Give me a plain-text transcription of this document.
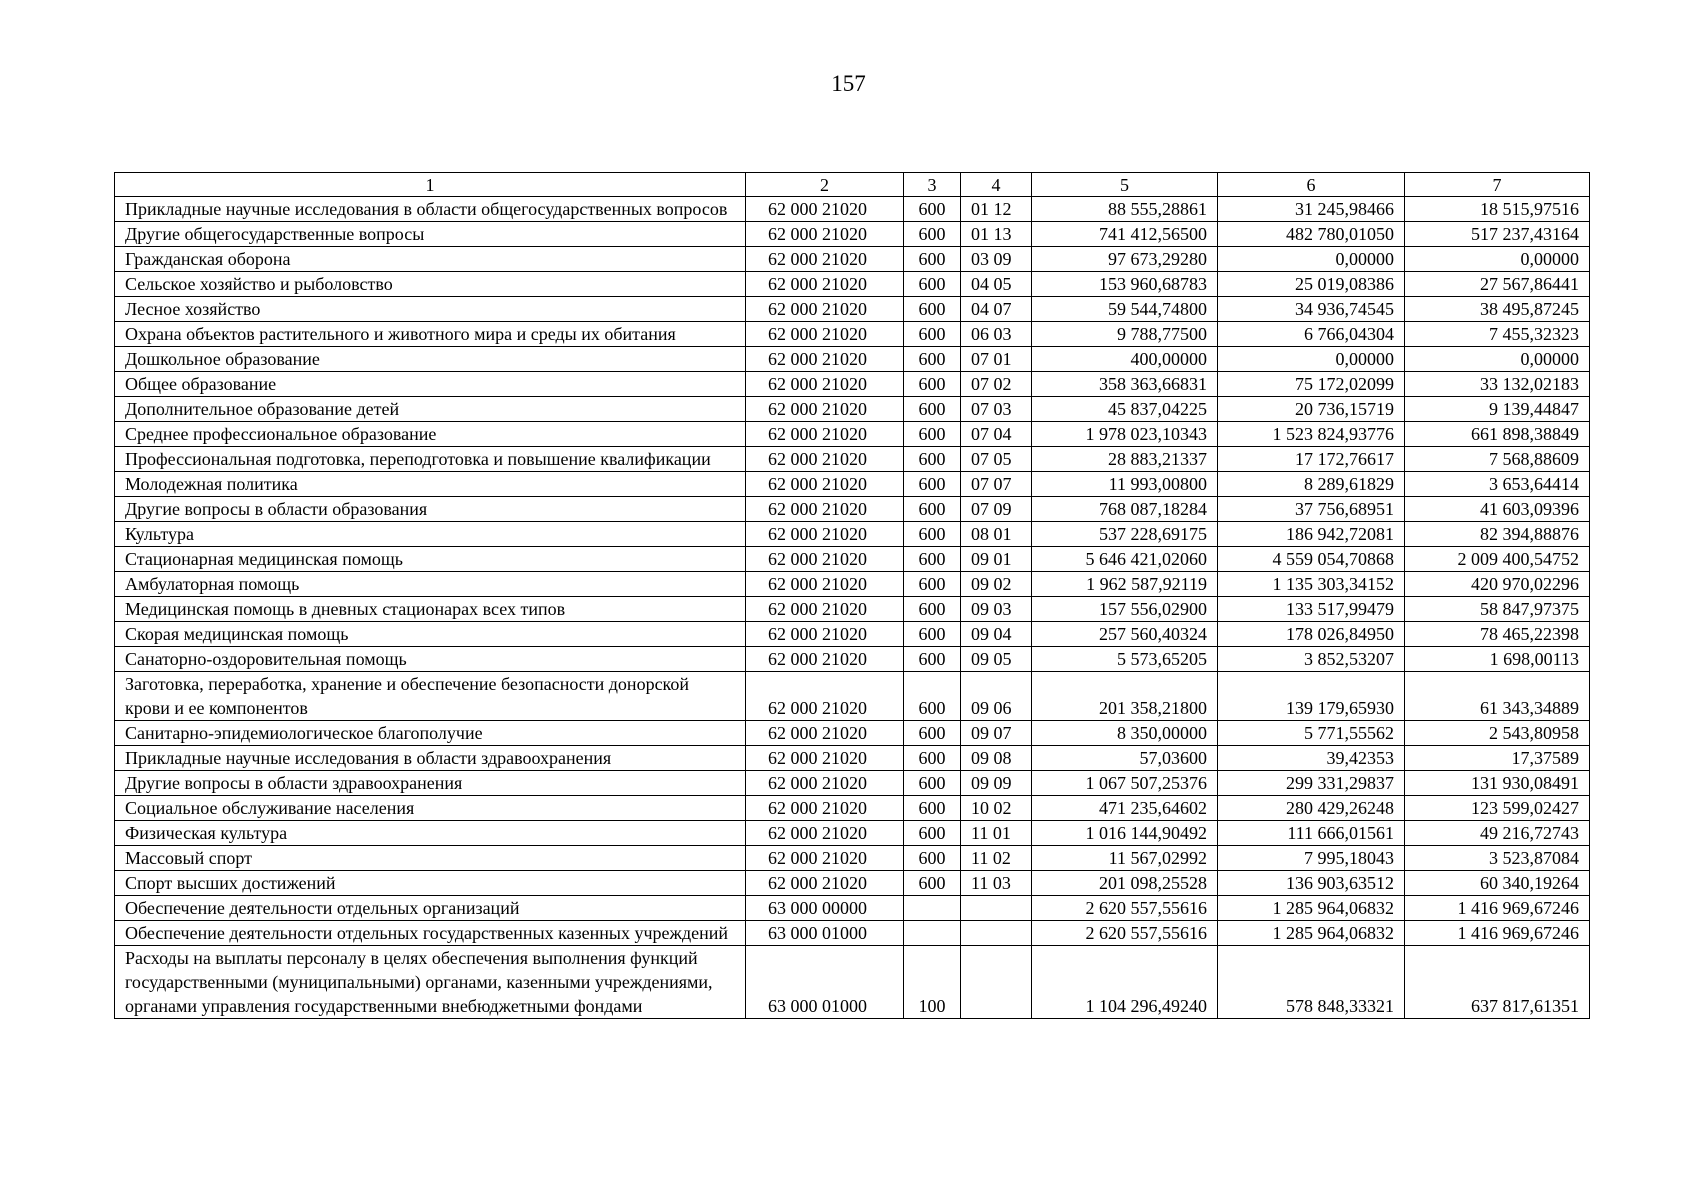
157
1	2	3	4	5	6	7
Прикладные научные исследования в области общегосударственных вопросов	62 000 21020	600	01 12	88 555,28861	31 245,98466	18 515,97516
Другие общегосударственные вопросы	62 000 21020	600	01 13	741 412,56500	482 780,01050	517 237,43164
Гражданская оборона	62 000 21020	600	03 09	97 673,29280	0,00000	0,00000
Сельское хозяйство и рыболовство	62 000 21020	600	04 05	153 960,68783	25 019,08386	27 567,86441
Лесное хозяйство	62 000 21020	600	04 07	59 544,74800	34 936,74545	38 495,87245
Охрана объектов растительного и животного мира и среды их обитания	62 000 21020	600	06 03	9 788,77500	6 766,04304	7 455,32323
Дошкольное образование	62 000 21020	600	07 01	400,00000	0,00000	0,00000
Общее образование	62 000 21020	600	07 02	358 363,66831	75 172,02099	33 132,02183
Дополнительное образование детей	62 000 21020	600	07 03	45 837,04225	20 736,15719	9 139,44847
Среднее профессиональное образование	62 000 21020	600	07 04	1 978 023,10343	1 523 824,93776	661 898,38849
Профессиональная подготовка, переподготовка и повышение квалификации	62 000 21020	600	07 05	28 883,21337	17 172,76617	7 568,88609
Молодежная политика	62 000 21020	600	07 07	11 993,00800	8 289,61829	3 653,64414
Другие вопросы в области образования	62 000 21020	600	07 09	768 087,18284	37 756,68951	41 603,09396
Культура	62 000 21020	600	08 01	537 228,69175	186 942,72081	82 394,88876
Стационарная медицинская помощь	62 000 21020	600	09 01	5 646 421,02060	4 559 054,70868	2 009 400,54752
Амбулаторная помощь	62 000 21020	600	09 02	1 962 587,92119	1 135 303,34152	420 970,02296
Медицинская помощь в дневных стационарах всех типов	62 000 21020	600	09 03	157 556,02900	133 517,99479	58 847,97375
Скорая медицинская помощь	62 000 21020	600	09 04	257 560,40324	178 026,84950	78 465,22398
Санаторно-оздоровительная помощь	62 000 21020	600	09 05	5 573,65205	3 852,53207	1 698,00113
Заготовка, переработка, хранение и обеспечение безопасности донорской крови и ее компонентов	62 000 21020	600	09 06	201 358,21800	139 179,65930	61 343,34889
Санитарно-эпидемиологическое благополучие	62 000 21020	600	09 07	8 350,00000	5 771,55562	2 543,80958
Прикладные научные исследования в области здравоохранения	62 000 21020	600	09 08	57,03600	39,42353	17,37589
Другие вопросы в области здравоохранения	62 000 21020	600	09 09	1 067 507,25376	299 331,29837	131 930,08491
Социальное обслуживание населения	62 000 21020	600	10 02	471 235,64602	280 429,26248	123 599,02427
Физическая культура	62 000 21020	600	11 01	1 016 144,90492	111 666,01561	49 216,72743
Массовый спорт	62 000 21020	600	11 02	11 567,02992	7 995,18043	3 523,87084
Спорт высших достижений	62 000 21020	600	11 03	201 098,25528	136 903,63512	60 340,19264
Обеспечение деятельности отдельных организаций	63 000 00000			2 620 557,55616	1 285 964,06832	1 416 969,67246
Обеспечение деятельности отдельных государственных казенных учреждений	63 000 01000			2 620 557,55616	1 285 964,06832	1 416 969,67246
Расходы на выплаты персоналу в целях обеспечения выполнения функций государственными (муниципальными) органами, казенными учреждениями, органами управления государственными внебюджетными фондами	63 000 01000	100		1 104 296,49240	578 848,33321	637 817,61351
